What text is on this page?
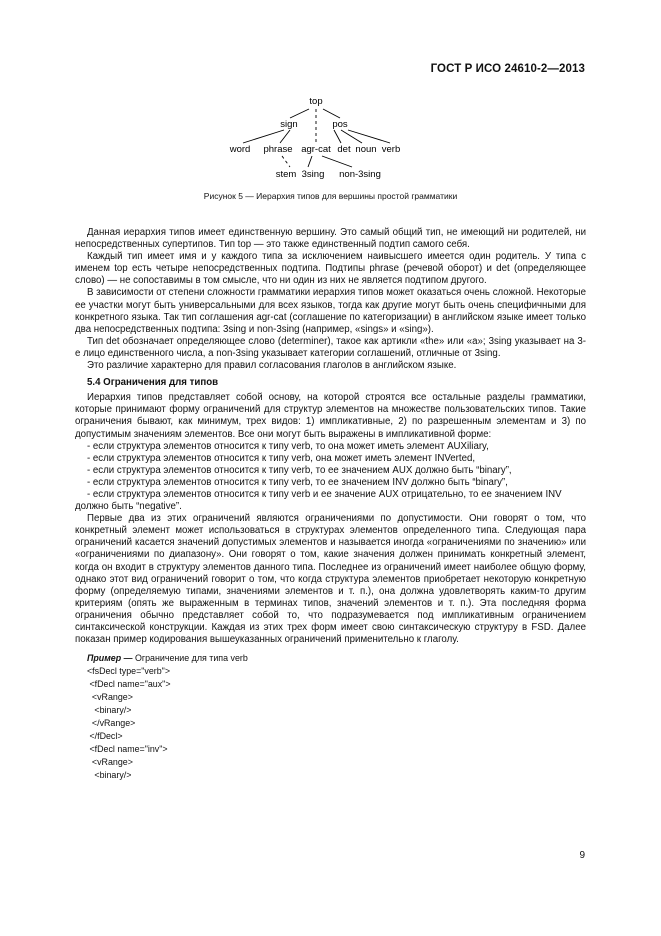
ГОСТ Р ИСО 24610-2—2013
top
sign	pos
word phrase agr-cat det noun verb
stem 3sing non-3sing
Рисунок 5 — Иерархия типов для вершины простой грамматики

Данная иерархия типов имеет единственную вершину. Это самый общий тип, не имеющий ни родителей, ни непосредственных супертипов. Тип top — это также единственный подтип самого себя.

Каждый тип имеет имя и у каждого типа за исключением наивысшего имеется один родитель. У типа с именем top есть четыре непосредственных подтипа. Подтипы phrase (речевой оборот) и det (определяющее слово) — не сопоставимы в том смысле, что ни один из них не является подтипом другого.

В зависимости от степени сложности грамматики иерархия типов может оказаться очень сложной. Некоторые ее участки могут быть универсальными для всех языков, тогда как другие могут быть очень специфичными для конкретного языка. Так тип соглашения agr-cat (соглашение по категоризации) в английском языке имеет только два непосредственных подтипа: 3sing и non-3sing (например, «sings» и «sing»).

Тип det обозначает определяющее слово (determiner), такое как артикли «the» или «a»; 3sing указывает на 3-е лицо единственного числа, а non-3sing указывает категории соглашений, отличные от 3sing.

Это различие характерно для правил согласования глаголов в английском языке.

5.4 Ограничения для типов

Иерархия типов представляет собой основу, на которой строятся все остальные разделы грамматики, которые принимают форму ограничений для структур элементов на множестве пользовательских типов. Такие ограничения бывают, как минимум, трех видов: 1) импликативные, 2) по разрешенным элементам и 3) по допустимым значениям элементов. Все они могут быть выражены в импликативной форме:

- если структура элементов относится к типу verb, то она может иметь элемент AUXiliary,
- если структура элементов относится к типу verb, она может иметь элемент INVerted,
- если структура элементов относится к типу verb, то ее значением AUX должно быть “binary”,
- если структура элементов относится к типу verb, то ее значением INV должно быть “binary”,
- если структура элементов относится к типу verb и ее значение AUX отрицательно, то ее значением INV должно быть “negative”.

Первые два из этих ограничений являются ограничениями по допустимости. Они говорят о том, что конкретный элемент может использоваться в структурах элементов определенного типа. Следующая пара ограничений касается значений допустимых элементов и называется иногда «ограничениями по значению» или «ограничениями по диапазону». Они говорят о том, какие значения должен принимать конкретный элемент, когда он входит в структуру элементов данного типа. Последнее из ограничений имеет наиболее общую форму, однако этот вид ограничений говорит о том, что когда структура элементов приобретает некоторую конкретную форму (определяемую типами, значениями элементов и т. п.), она должна удовлетворять каким-то другим критериям (опять же выраженным в терминах типов, значений элементов и т. п.). Эта последняя форма ограничения обычно представляет собой то, что подразумевается под импликативным ограничением синтаксической конструкции. Каждая из этих трех форм имеет свою синтаксическую структуру в FSD. Далее показан пример кодирования вышеуказанных ограничений применительно к глаголу.

Пример — Ограничение для типа verb
<fsDecl type="verb">
<fDecl name="aux">
<vRange>
<binary/>
</vRange>
</fDecl>
<fDecl name="inv">
<vRange>
<binary/>
9
